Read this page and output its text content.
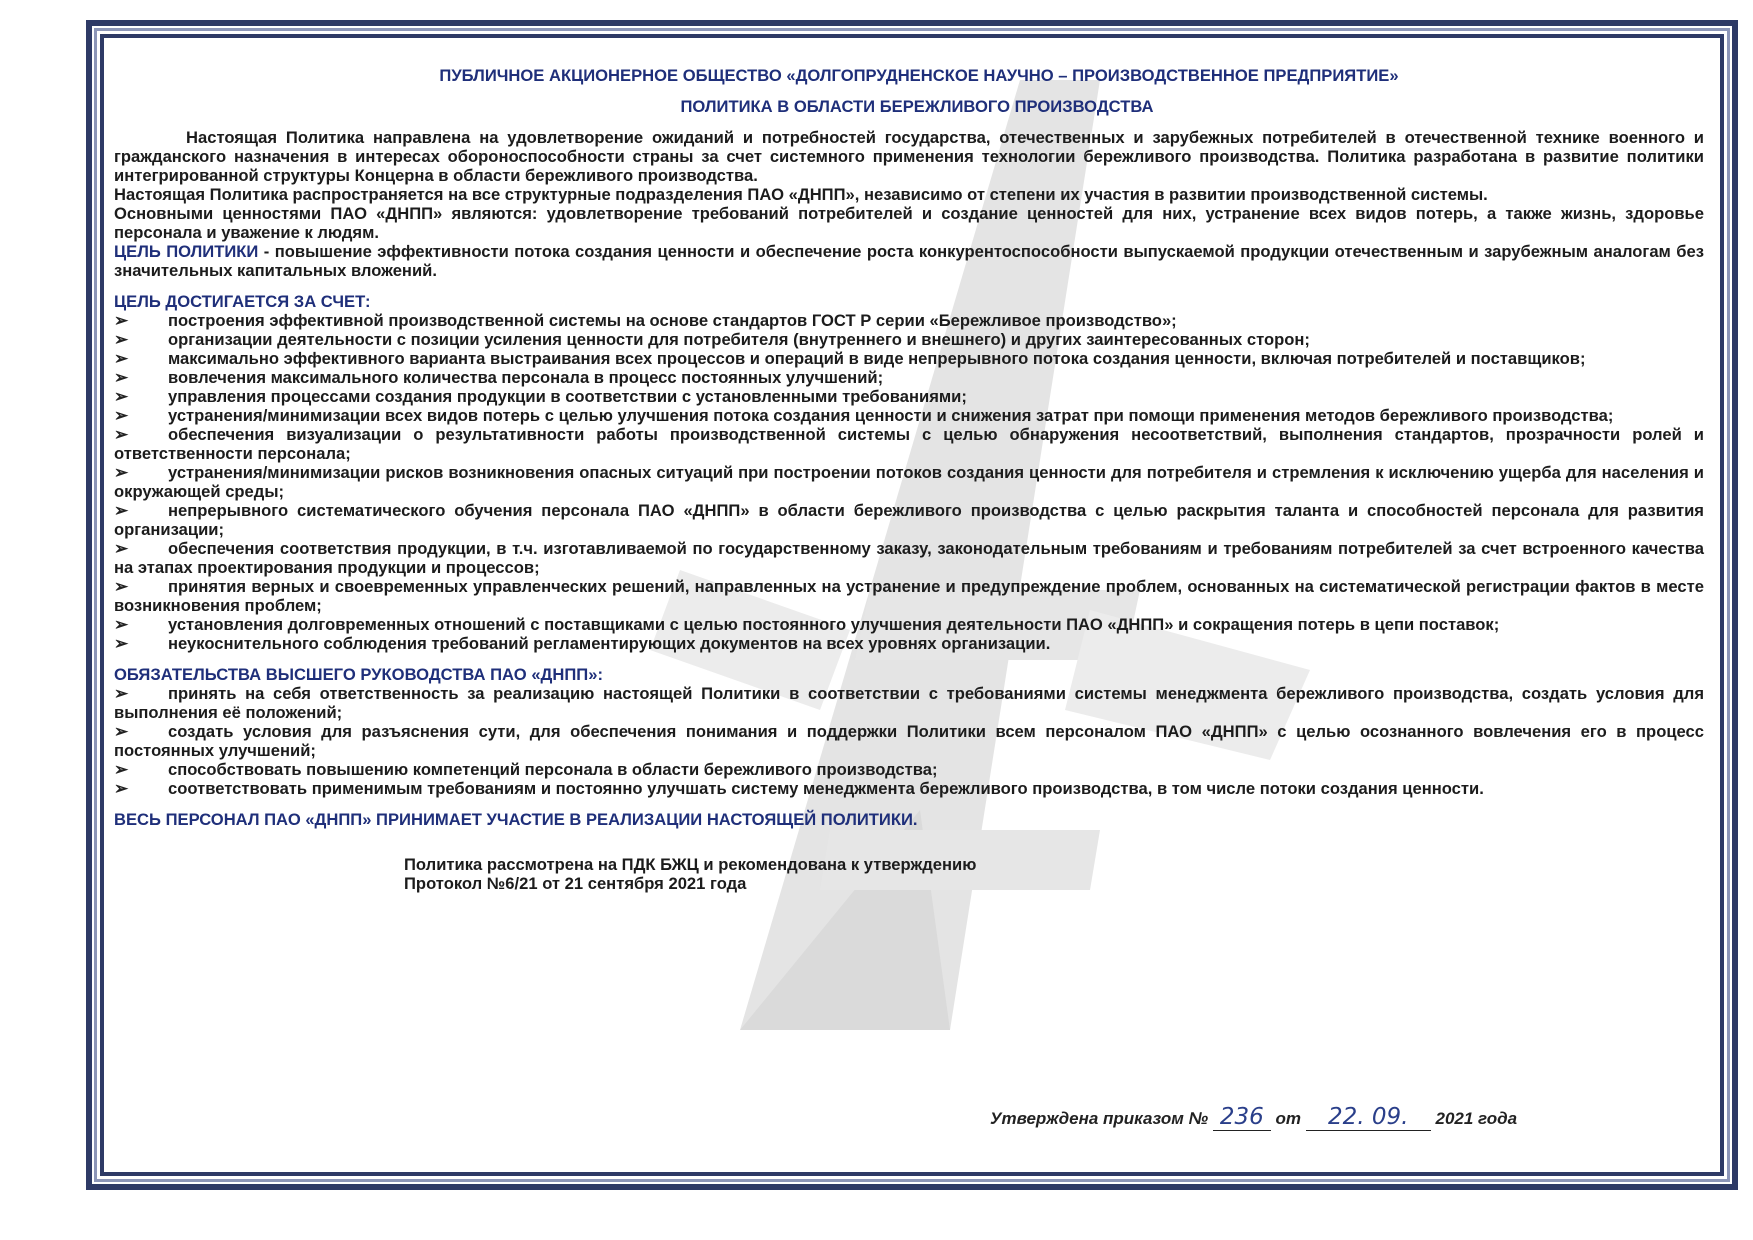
ПУБЛИЧНОЕ АКЦИОНЕРНОЕ ОБЩЕСТВО «ДОЛГОПРУДНЕНСКОЕ НАУЧНО – ПРОИЗВОДСТВЕННОЕ ПРЕДПРИЯТИЕ»
ПОЛИТИКА В ОБЛАСТИ БЕРЕЖЛИВОГО ПРОИЗВОДСТВА

Настоящая Политика направлена на удовлетворение ожиданий и потребностей государства, отечественных и зарубежных потребителей в отечественной технике военного и гражданского назначения в интересах обороноспособности страны за счет системного применения технологии бережливого производства. Политика разработана в развитие политики интегрированной структуры Концерна в области бережливого производства.

Настоящая Политика распространяется на все структурные подразделения ПАО «ДНПП», независимо от степени их участия в развитии производственной системы.

Основными ценностями ПАО «ДНПП» являются: удовлетворение требований потребителей и создание ценностей для них, устранение всех видов потерь, а также жизнь, здоровье персонала и уважение к людям.

ЦЕЛЬ ПОЛИТИКИ - повышение эффективности потока создания ценности и обеспечение роста конкурентоспособности выпускаемой продукции отечественным и зарубежным аналогам без значительных капитальных вложений.

ЦЕЛЬ ДОСТИГАЕТСЯ ЗА СЧЕТ:
➢ построения эффективной производственной системы на основе стандартов ГОСТ Р серии «Бережливое производство»;
➢ организации деятельности с позиции усиления ценности для потребителя (внутреннего и внешнего) и других заинтересованных сторон;
➢ максимально эффективного варианта выстраивания всех процессов и операций в виде непрерывного потока создания ценности, включая потребителей и поставщиков;
➢ вовлечения максимального количества персонала в процесс постоянных улучшений;
➢ управления процессами создания продукции в соответствии с установленными требованиями;
➢ устранения/минимизации всех видов потерь с целью улучшения потока создания ценности и снижения затрат при помощи применения методов бережливого производства;
➢ обеспечения визуализации о результативности работы производственной системы с целью обнаружения несоответствий, выполнения стандартов, прозрачности ролей и ответственности персонала;
➢ устранения/минимизации рисков возникновения опасных ситуаций при построении потоков создания ценности для потребителя и стремления к исключению ущерба для населения и окружающей среды;
➢ непрерывного систематического обучения персонала ПАО «ДНПП» в области бережливого производства с целью раскрытия таланта и способностей персонала для развития организации;
➢ обеспечения соответствия продукции, в т.ч. изготавливаемой по государственному заказу, законодательным требованиям и требованиям потребителей за счет встроенного качества на этапах проектирования продукции и процессов;
➢ принятия верных и своевременных управленческих решений, направленных на устранение и предупреждение проблем, основанных на систематической регистрации фактов в месте возникновения проблем;
➢ установления долговременных отношений с поставщиками с целью постоянного улучшения деятельности ПАО «ДНПП» и сокращения потерь в цепи поставок;
➢ неукоснительного соблюдения требований регламентирующих документов на всех уровнях организации.
ОБЯЗАТЕЛЬСТВА ВЫСШЕГО РУКОВОДСТВА ПАО «ДНПП»:
➢ принять на себя ответственность за реализацию настоящей Политики в соответствии с требованиями системы менеджмента бережливого производства, создать условия для выполнения её положений;
➢ создать условия для разъяснения сути, для обеспечения понимания и поддержки Политики всем персоналом ПАО «ДНПП» с целью осознанного вовлечения его в процесс постоянных улучшений;
➢ способствовать повышению компетенций персонала в области бережливого производства;
➢ соответствовать применимым требованиям и постоянно улучшать систему менеджмента бережливого производства, в том числе потоки создания ценности.
ВЕСЬ ПЕРСОНАЛ ПАО «ДНПП» ПРИНИМАЕТ УЧАСТИЕ В РЕАЛИЗАЦИИ НАСТОЯЩЕЙ ПОЛИТИКИ.
Политика рассмотрена на ПДК БЖЦ и рекомендована к утверждению
Протокол №6/21 от 21 сентября 2021 года
Утверждена приказом № 236 от 22. 09. 2021 года
